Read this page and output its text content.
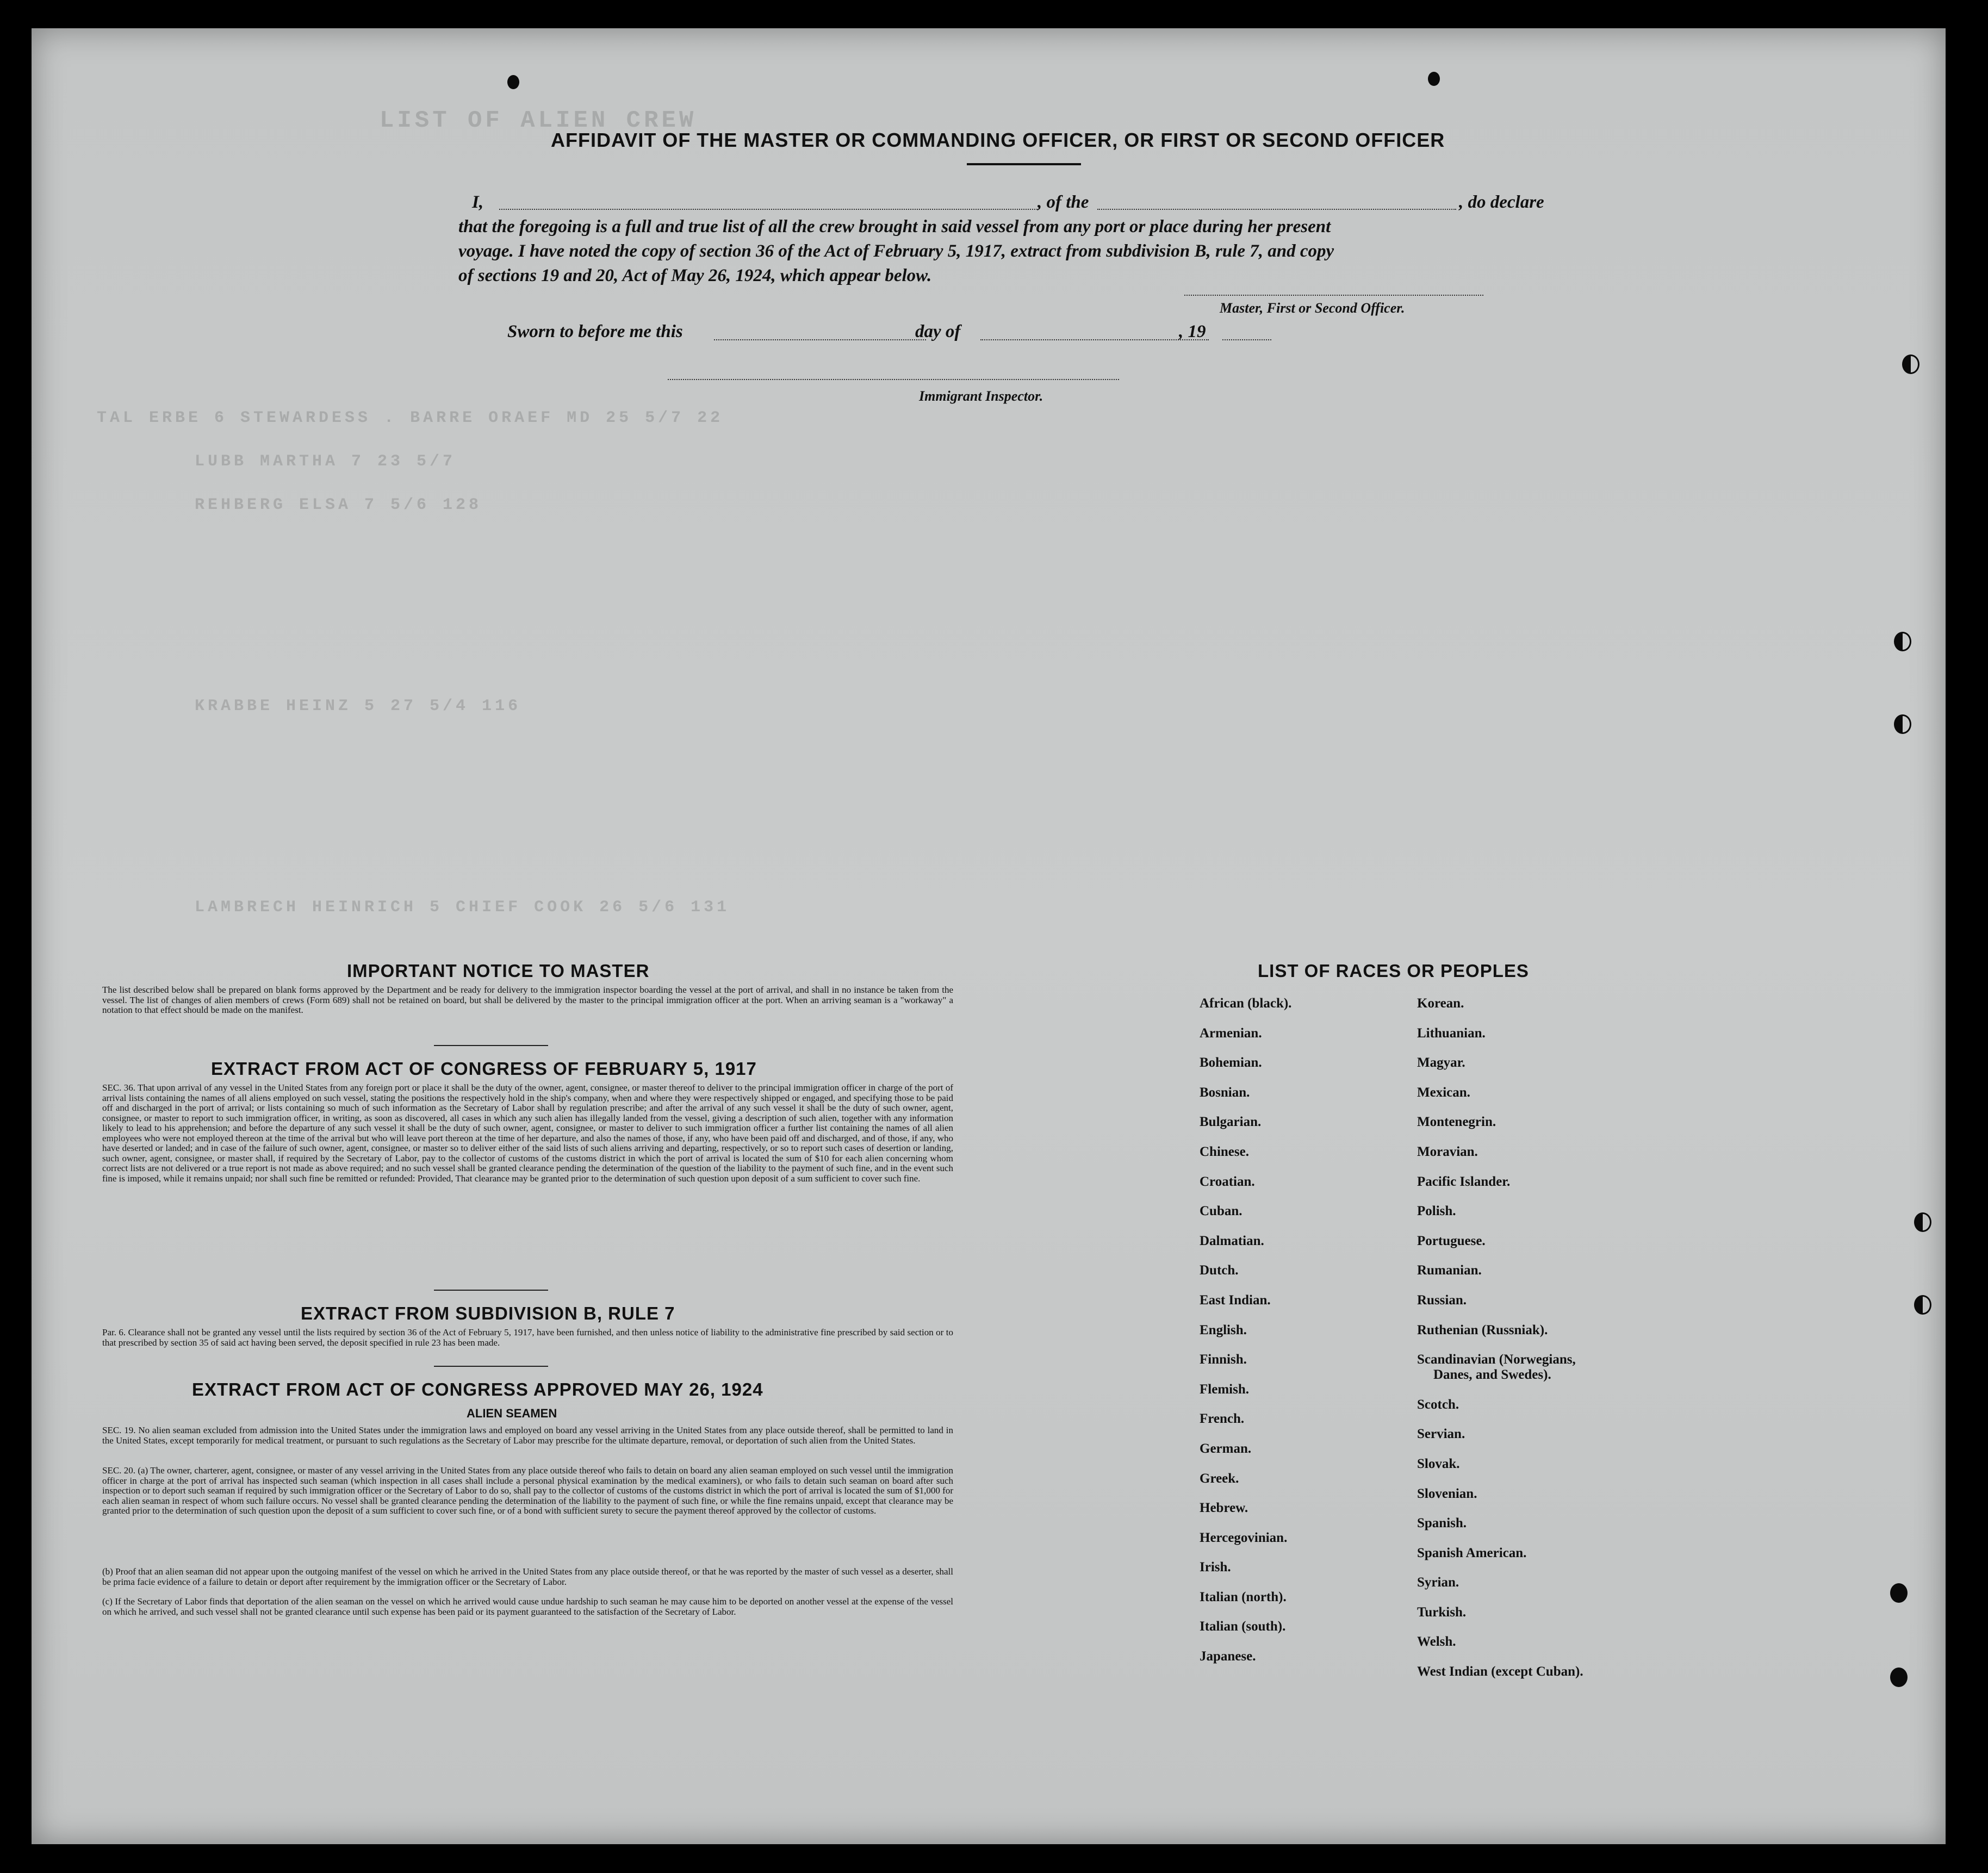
LIST OF ALIEN CREW
TAL ERBE 6 STEWARDESS . BARRE ORAEF MD 25 5/7 22
LUBB MARTHA 7 23 5/7
REHBERG ELSA 7 5/6 128
KRABBE HEINZ 5 27 5/4 116
LAMBRECH HEINRICH 5 CHIEF COOK 26 5/6 131
AFFIDAVIT OF THE MASTER OR COMMANDING OFFICER, OR FIRST OR SECOND OFFICER
I,	, of the	, do declare
that the foregoing is a full and true list of all the crew brought in said vessel from any port or place during her present
voyage. I have noted the copy of section 36 of the Act of February 5, 1917, extract from subdivision B, rule 7, and copy
of sections 19 and 20, Act of May 26, 1924, which appear below.
Master, First or Second Officer.
Sworn to before me this	day of	, 19
Immigrant Inspector.
IMPORTANT NOTICE TO MASTER
The list described below shall be prepared on blank forms approved by the Department and be ready for delivery to the immigration inspector boarding the vessel at the port of arrival, and shall in no instance be taken from the vessel. The list of changes of alien members of crews (Form 689) shall not be retained on board, but shall be delivered by the master to the principal immigration officer at the port. When an arriving seaman is a "workaway" a notation to that effect should be made on the manifest.
EXTRACT FROM ACT OF CONGRESS OF FEBRUARY 5, 1917
SEC. 36. That upon arrival of any vessel in the United States from any foreign port or place it shall be the duty of the owner, agent, consignee, or master thereof to deliver to the principal immigration officer in charge of the port of arrival lists containing the names of all aliens employed on such vessel, stating the positions the respectively hold in the ship's company, when and where they were respectively shipped or engaged, and specifying those to be paid off and discharged in the port of arrival; or lists containing so much of such information as the Secretary of Labor shall by regulation prescribe; and after the arrival of any such vessel it shall be the duty of such owner, agent, consignee, or master to report to such immigration officer, in writing, as soon as discovered, all cases in which any such alien has illegally landed from the vessel, giving a description of such alien, together with any information likely to lead to his apprehension; and before the departure of any such vessel it shall be the duty of such owner, agent, consignee, or master to deliver to such immigration officer a further list containing the names of all alien employees who were not employed thereon at the time of the arrival but who will leave port thereon at the time of her departure, and also the names of those, if any, who have been paid off and discharged, and of those, if any, who have deserted or landed; and in case of the failure of such owner, agent, consignee, or master so to deliver either of the said lists of such aliens arriving and departing, respectively, or so to report such cases of desertion or landing, such owner, agent, consignee, or master shall, if required by the Secretary of Labor, pay to the collector of customs of the customs district in which the port of arrival is located the sum of $10 for each alien concerning whom correct lists are not delivered or a true report is not made as above required; and no such vessel shall be granted clearance pending the determination of the question of the liability to the payment of such fine, and in the event such fine is imposed, while it remains unpaid; nor shall such fine be remitted or refunded: Provided, That clearance may be granted prior to the determination of such question upon deposit of a sum sufficient to cover such fine.
EXTRACT FROM SUBDIVISION B, RULE 7
Par. 6. Clearance shall not be granted any vessel until the lists required by section 36 of the Act of February 5, 1917, have been furnished, and then unless notice of liability to the administrative fine prescribed by said section or to that prescribed by section 35 of said act having been served, the deposit specified in rule 23 has been made.
EXTRACT FROM ACT OF CONGRESS APPROVED MAY 26, 1924
ALIEN SEAMEN
SEC. 19. No alien seaman excluded from admission into the United States under the immigration laws and employed on board any vessel arriving in the United States from any place outside thereof, shall be permitted to land in the United States, except temporarily for medical treatment, or pursuant to such regulations as the Secretary of Labor may prescribe for the ultimate departure, removal, or deportation of such alien from the United States.
SEC. 20. (a) The owner, charterer, agent, consignee, or master of any vessel arriving in the United States from any place outside thereof who fails to detain on board any alien seaman employed on such vessel until the immigration officer in charge at the port of arrival has inspected such seaman (which inspection in all cases shall include a personal physical examination by the medical examiners), or who fails to detain such seaman on board after such inspection or to deport such seaman if required by such immigration officer or the Secretary of Labor to do so, shall pay to the collector of customs of the customs district in which the port of arrival is located the sum of $1,000 for each alien seaman in respect of whom such failure occurs. No vessel shall be granted clearance pending the determination of the liability to the payment of such fine, or while the fine remains unpaid, except that clearance may be granted prior to the determination of such question upon the deposit of a sum sufficient to cover such fine, or of a bond with sufficient surety to secure the payment thereof approved by the collector of customs.
(b) Proof that an alien seaman did not appear upon the outgoing manifest of the vessel on which he arrived in the United States from any place outside thereof, or that he was reported by the master of such vessel as a deserter, shall be prima facie evidence of a failure to detain or deport after requirement by the immigration officer or the Secretary of Labor.
(c) If the Secretary of Labor finds that deportation of the alien seaman on the vessel on which he arrived would cause undue hardship to such seaman he may cause him to be deported on another vessel at the expense of the vessel on which he arrived, and such vessel shall not be granted clearance until such expense has been paid or its payment guaranteed to the satisfaction of the Secretary of Labor.
LIST OF RACES OR PEOPLES
African (black).
Armenian.
Bohemian.
Bosnian.
Bulgarian.
Chinese.
Croatian.
Cuban.
Dalmatian.
Dutch.
East Indian.
English.
Finnish.
Flemish.
French.
German.
Greek.
Hebrew.
Hercegovinian.
Irish.
Italian (north).
Italian (south).
Japanese.
Korean.
Lithuanian.
Magyar.
Mexican.
Montenegrin.
Moravian.
Pacific Islander.
Polish.
Portuguese.
Rumanian.
Russian.
Ruthenian (Russniak).
Scandinavian (Norwegians,
Danes, and Swedes).
Scotch.
Servian.
Slovak.
Slovenian.
Spanish.
Spanish American.
Syrian.
Turkish.
Welsh.
West Indian (except Cuban).
